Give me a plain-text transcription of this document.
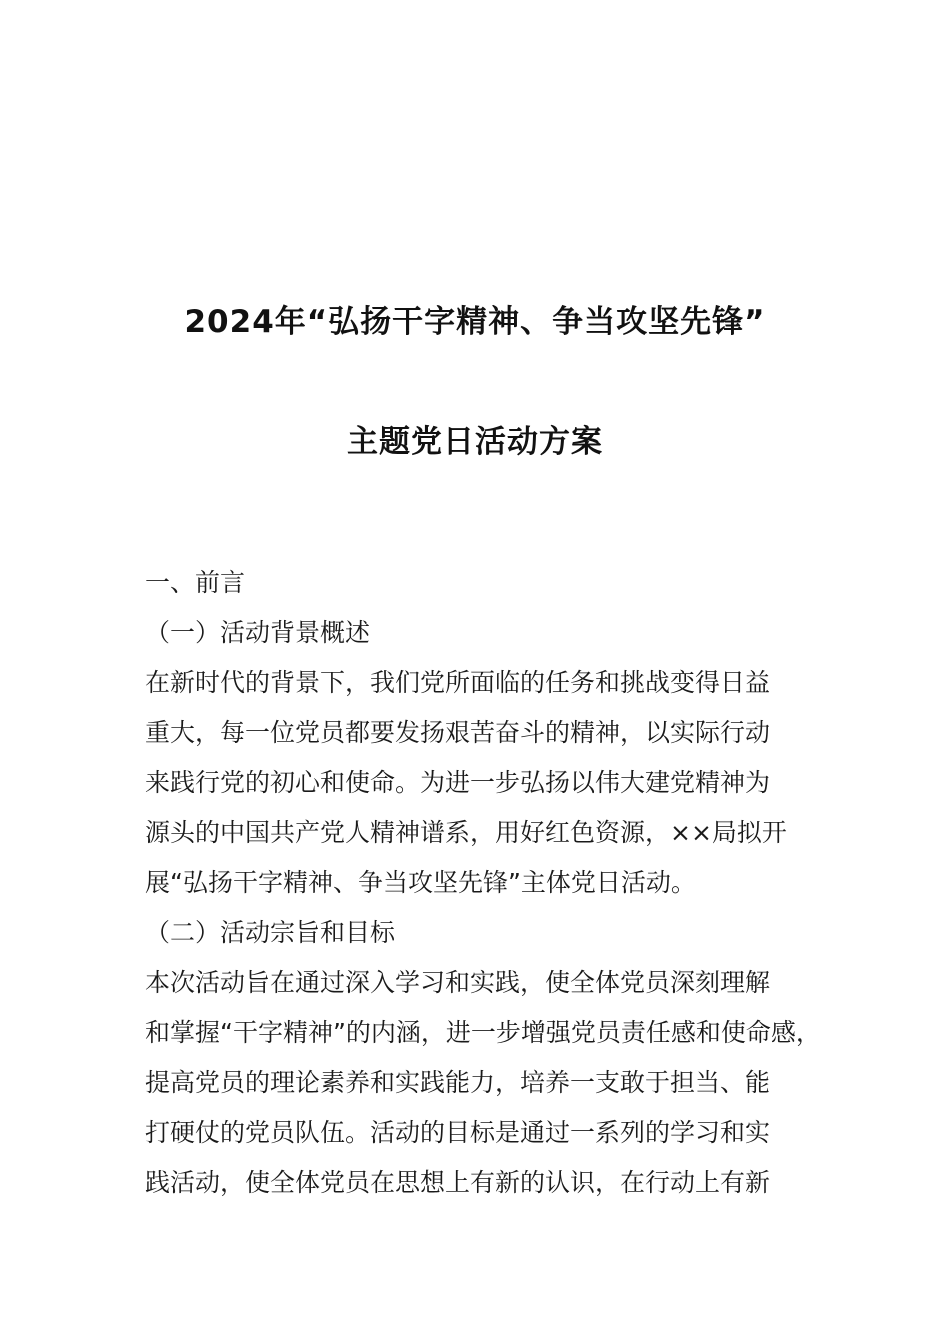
2024年“弘扬干字精神、争当攻坚先锋”
主题党日活动方案
一、前言
（一）活动背景概述
在新时代的背景下，我们党所面临的任务和挑战变得日益
重大，每一位党员都要发扬艰苦奋斗的精神，以实际行动
来践行党的初心和使命。为进一步弘扬以伟大建党精神为
源头的中国共产党人精神谱系，用好红色资源，××局拟开
展“弘扬干字精神、争当攻坚先锋”主体党日活动。
（二）活动宗旨和目标
本次活动旨在通过深入学习和实践，使全体党员深刻理解
和掌握“干字精神”的内涵，进一步增强党员责任感和使命感，
提高党员的理论素养和实践能力，培养一支敢于担当、能
打硬仗的党员队伍。活动的目标是通过一系列的学习和实
践活动，使全体党员在思想上有新的认识，在行动上有新
